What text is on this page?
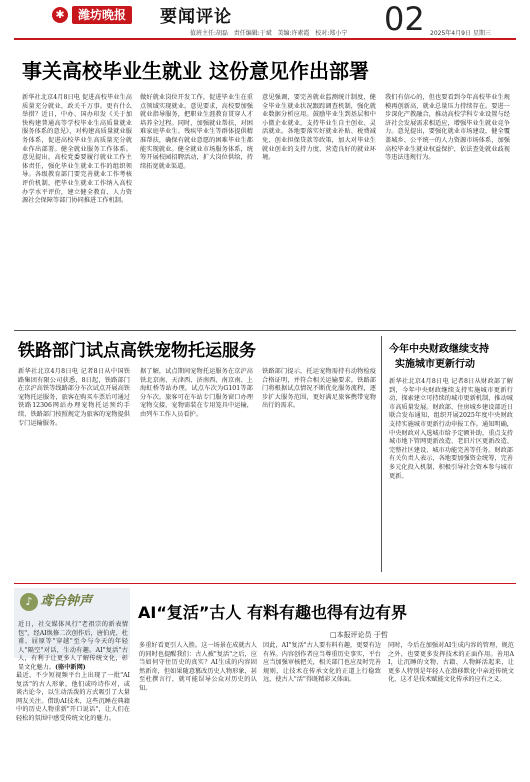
✱	潍坊晚报	要闻评论	02
值班主任:胡磊 责任编辑:于斌 美编:许素霞 校对:郑小宁	2025年4月9日 星期三
事关高校毕业生就业 这份意见作出部署
新华社北京4月8日电 促进高校毕业生高质量充分就业，政关千万事。更有什么举措？近日，中办、国办印发《关于加快构建普通高等学校毕业生高质量就业服务体系的意见》，对构建高质量就业服务体系，促进高校毕业生高质量充分就业作出部署。健全就业服务工作体系。意见提出，高校党委要履行就业工作主体责任，强化毕业生就业工作的组织领导。各级教育部门要完善就业工作考核评价机制，把毕业生就业工作纳入高校办学水平评价，建立健全教育、人力资源社会保障等部门协同推进工作机制。
做好就业岗位开发工作，促进毕业生在重点领域实现就业。意见要求，高校要加强就业指导服务，把职业生涯教育贯穿人才培养全过程。同时，加强就业帮扶，对困难家庭毕业生、残疾毕业生等群体提供精准帮扶，确保有就业意愿的困难毕业生都能实现就业。健全就业市场服务体系，统筹开展校园招聘活动，扩大岗位供给，持续拓宽就业渠道。
意见强调，要完善就业监测统计制度，健全毕业生就业状况跟踪调查机制，强化就业数据分析应用。鼓励毕业生到基层和中小微企业就业，支持毕业生自主创业、灵活就业。各地要落实好就业补贴、税费减免、创业担保贷款等政策，加大对毕业生就业创业的支持力度，营造良好的就业环境。
我们有信心的，但也要看到今年高校毕业生规模再创新高，就业总量压力持续存在。要进一步深化产教融合，推动高校学科专业设置与经济社会发展需求相适应，增强毕业生就业竞争力。意见提出，要强化就业市场建设，健全覆盖城乡、公平统一的人力资源市场体系，加强高校毕业生就业权益保护，依法查处就业歧视等违法违规行为。
铁路部门试点高铁宠物托运服务
新华社北京4月8日电 记者8日从中国铁路集团有限公司获悉，8日起，铁路部门在京沪高铁等线路部分车次试点开展高铁宠物托运服务，旅客在购买车票后可通过铁路12306网站办理宠物托运预约手续，铁路部门按照规定为旅客的宠物提供专门运输服务。
据了解，试点期间宠物托运服务在京沪高铁北京南、天津西、济南西、南京南、上海虹桥等站办理，试点车次为G101等部分车次。旅客可在车站专门服务窗口办理宠物交接，宠物需装在专用笼具中运输，由列车工作人员看护。
铁路部门提示，托运宠物需持有动物检疫合格证明，并符合相关运输要求。铁路部门将根据试点情况不断优化服务流程，逐步扩大服务范围，更好满足旅客携带宠物出行的需求。
今年中央财政继续支持
实施城市更新行动
新华社北京4月8日电 记者8日从财政部了解到，今年中央财政继续支持实施城市更新行动，探索建立可持续的城市更新机制，推动城市高质量发展。财政部、住房城乡建设部近日联合发布通知，组织开展2025年度中央财政支持实施城市更新行动申报工作。通知明确，中央财政对入选城市给予定额补助，重点支持城市地下管网更新改造、老旧片区更新改造、完整社区建设、城市功能完善等任务。财政部有关负责人表示，各地要加强资金统筹，完善多元化投入机制，积极引导社会资本参与城市更新。
♪ 鸢台钟声
近日，社交媒体风行"老祖宗的新表情包"，经AI焕修二次创作后，唐伯虎、杜甫、屈原等"穿越"至今与今天的年轻人"隔空"对话，生动有趣。AI"复活"古人，有利于让更多人了解传统文化，彰显文化魅力。(骆中新网)
AI“复活”古人 有料有趣也得有边有界
□本报评论员 于哲
最近，不少短视频平台上出现了一批"AI复活"的古人形象，他们或吟诗作对，或谈古论今，以生动活泼的方式吸引了大量网友关注。借助AI技术，这些沉睡在典籍中的历史人物重新"开口说话"，让人们在轻松的氛围中感受传统文化的魅力。
多重好看更引人入胜。这一场景在成就古人的同时也提醒我们：古人被"复活"之后，应当如何守住历史的真实？AI生成的内容固然新奇，但如果随意篡改历史人物形象，甚至杜撰言行，就可能误导公众对历史的认知。
因此，AI"复活"古人要有料有趣，更要有边有界。内容创作者应当尊重历史事实，平台应当加强审核把关，相关部门也应及时完善规则，让技术在传承文化的正道上行稳致远，使古人"活"得既精彩又体面。
同时，今后在加强对AI生成内容的管理、规范之外，也要更多发挥技术的正面作用。善用AI，让沉睡的文物、古籍、人物鲜活起来，让更多人特别是年轻人在潜移默化中亲近传统文化，这才是技术赋能文化传承的应有之义。
